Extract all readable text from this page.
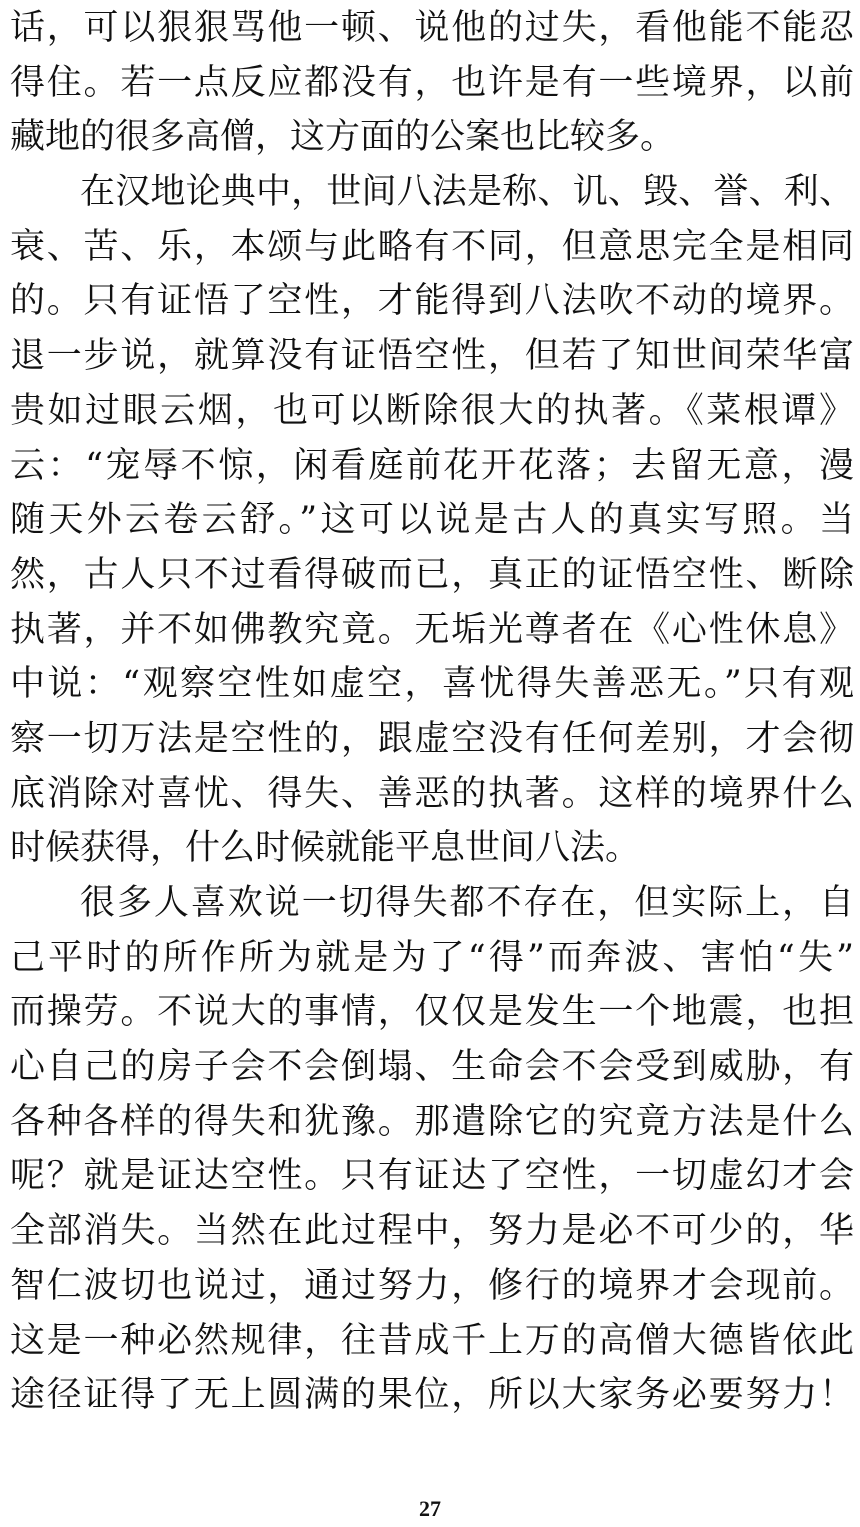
话，可以狠狠骂他一顿、说他的过失，看他能不能忍
得住。若一点反应都没有，也许是有一些境界，以前
藏地的很多高僧，这方面的公案也比较多。
在汉地论典中，世间八法是称、讥、毁、誉、利、
衰、苦、乐，本颂与此略有不同，但意思完全是相同
的。只有证悟了空性，才能得到八法吹不动的境界。
退一步说，就算没有证悟空性，但若了知世间荣华富
贵如过眼云烟，也可以断除很大的执著。《菜根谭》
云：“宠辱不惊，闲看庭前花开花落；去留无意，漫
随天外云卷云舒。”这可以说是古人的真实写照。当
然，古人只不过看得破而已，真正的证悟空性、断除
执著，并不如佛教究竟。无垢光尊者在《心性休息》
中说：“观察空性如虚空，喜忧得失善恶无。”只有观
察一切万法是空性的，跟虚空没有任何差别，才会彻
底消除对喜忧、得失、善恶的执著。这样的境界什么
时候获得，什么时候就能平息世间八法。
很多人喜欢说一切得失都不存在，但实际上，自
己平时的所作所为就是为了“得”而奔波、害怕“失”
而操劳。不说大的事情，仅仅是发生一个地震，也担
心自己的房子会不会倒塌、生命会不会受到威胁，有
各种各样的得失和犹豫。那遣除它的究竟方法是什么
呢？就是证达空性。只有证达了空性，一切虚幻才会
全部消失。当然在此过程中，努力是必不可少的，华
智仁波切也说过，通过努力，修行的境界才会现前。
这是一种必然规律，往昔成千上万的高僧大德皆依此
途径证得了无上圆满的果位，所以大家务必要努力！
27
